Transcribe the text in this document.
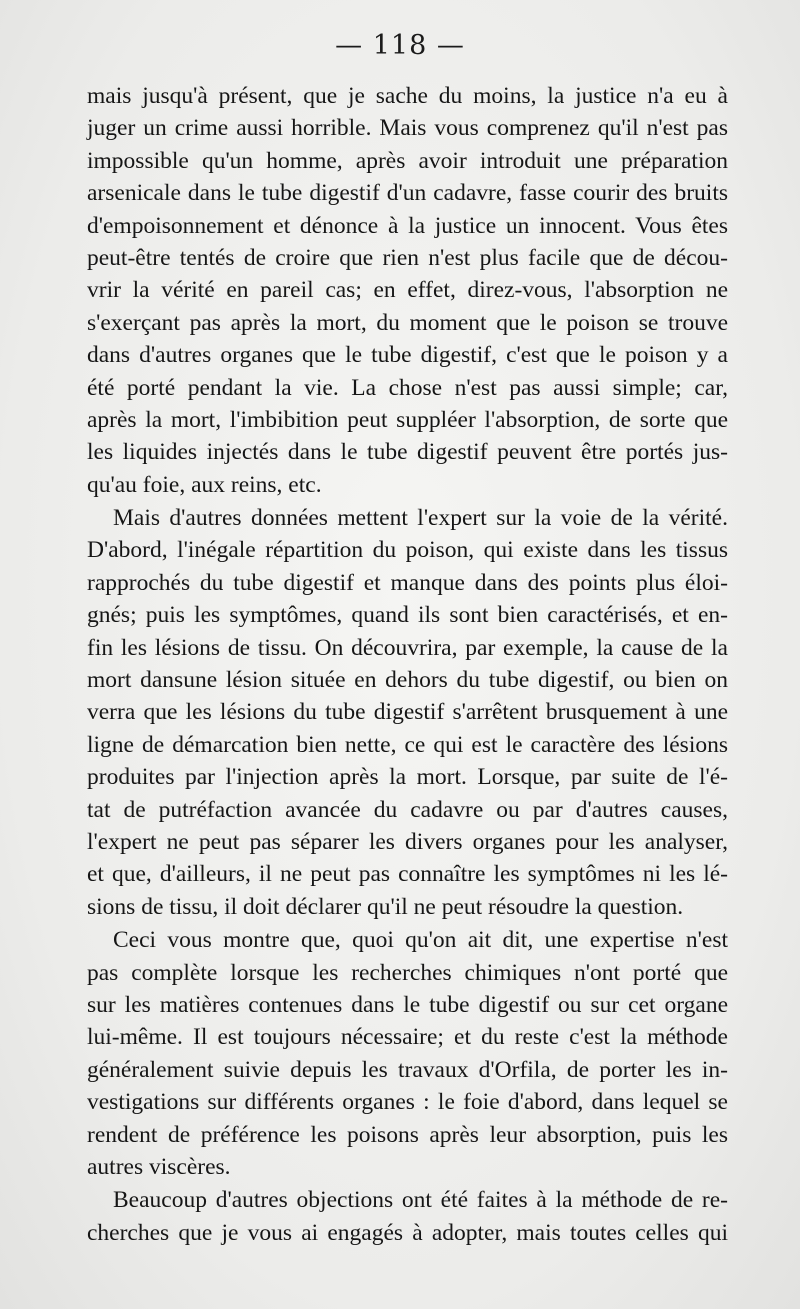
— 118 —
mais jusqu'à présent, que je sache du moins, la justice n'a eu à
juger un crime aussi horrible. Mais vous comprenez qu'il n'est pas
impossible qu'un homme, après avoir introduit une préparation
arsenicale dans le tube digestif d'un cadavre, fasse courir des bruits
d'empoisonnement et dénonce à la justice un innocent. Vous êtes
peut-être tentés de croire que rien n'est plus facile que de décou-
vrir la vérité en pareil cas; en effet, direz-vous, l'absorption ne
s'exerçant pas après la mort, du moment que le poison se trouve
dans d'autres organes que le tube digestif, c'est que le poison y a
été porté pendant la vie. La chose n'est pas aussi simple; car,
après la mort, l'imbibition peut suppléer l'absorption, de sorte que
les liquides injectés dans le tube digestif peuvent être portés jus-
qu'au foie, aux reins, etc.
Mais d'autres données mettent l'expert sur la voie de la vérité.
D'abord, l'inégale répartition du poison, qui existe dans les tissus
rapprochés du tube digestif et manque dans des points plus éloi-
gnés; puis les symptômes, quand ils sont bien caractérisés, et en-
fin les lésions de tissu. On découvrira, par exemple, la cause de la
mort dansune lésion située en dehors du tube digestif, ou bien on
verra que les lésions du tube digestif s'arrêtent brusquement à une
ligne de démarcation bien nette, ce qui est le caractère des lésions
produites par l'injection après la mort. Lorsque, par suite de l'é-
tat de putréfaction avancée du cadavre ou par d'autres causes,
l'expert ne peut pas séparer les divers organes pour les analyser,
et que, d'ailleurs, il ne peut pas connaître les symptômes ni les lé-
sions de tissu, il doit déclarer qu'il ne peut résoudre la question.
Ceci vous montre que, quoi qu'on ait dit, une expertise n'est
pas complète lorsque les recherches chimiques n'ont porté que
sur les matières contenues dans le tube digestif ou sur cet organe
lui-même. Il est toujours nécessaire; et du reste c'est la méthode
généralement suivie depuis les travaux d'Orfila, de porter les in-
vestigations sur différents organes : le foie d'abord, dans lequel se
rendent de préférence les poisons après leur absorption, puis les
autres viscères.
Beaucoup d'autres objections ont été faites à la méthode de re-
cherches que je vous ai engagés à adopter, mais toutes celles qui
